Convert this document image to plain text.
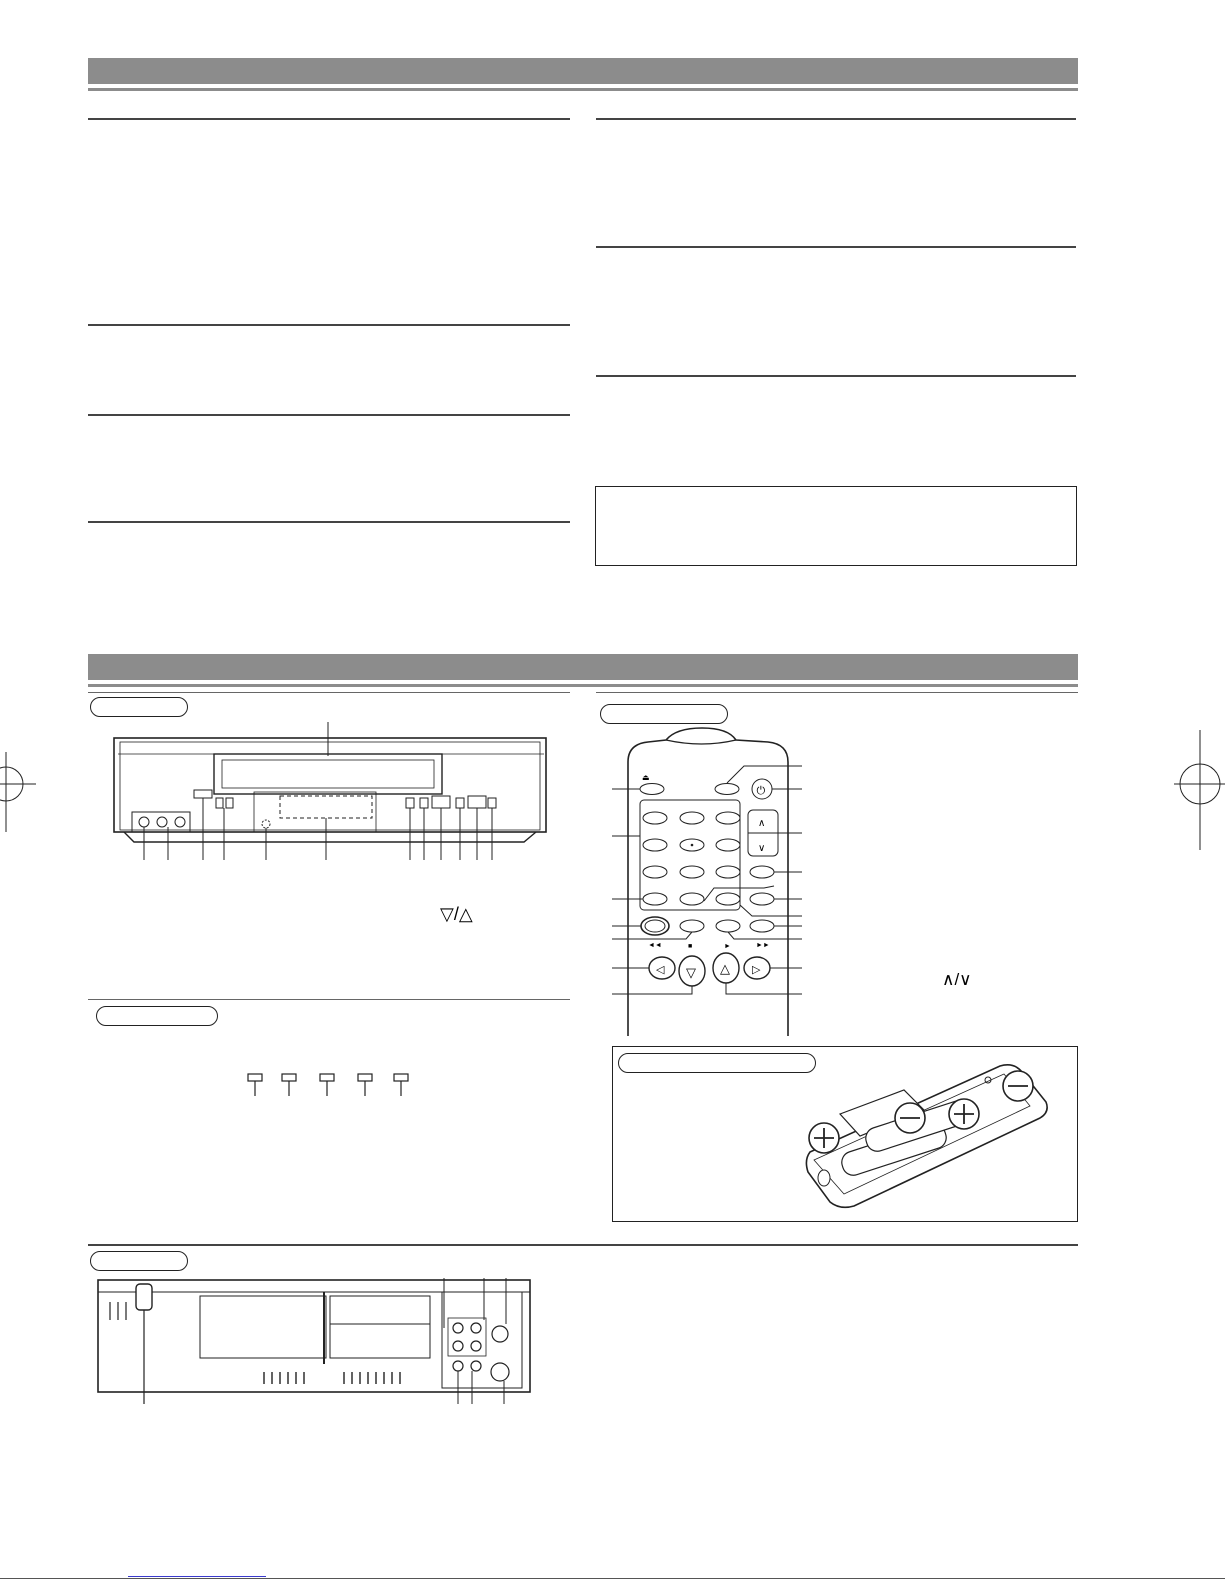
▽/△
⏏
⏻
∧
∨
◄◄	■	►	►►
◁ ▽ △ ▷	∧/∨
